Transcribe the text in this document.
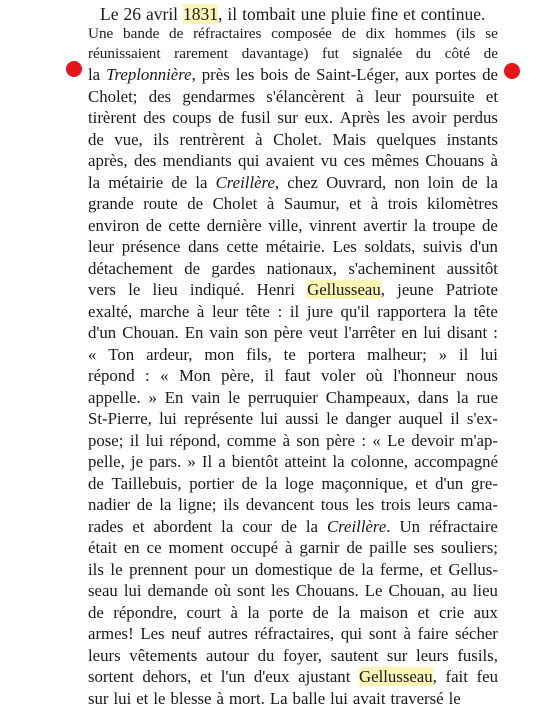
Le 26 avril 1831, il tombait une pluie fine et continue.
Une bande de réfractaires composée de dix hommes (ils se
réunissaient rarement davantage) fut signalée du côté de
la Treplonnière, près les bois de Saint-Léger, aux portes de
Cholet; des gendarmes s'élancèrent à leur poursuite et
tirèrent des coups de fusil sur eux. Après les avoir perdus
de vue, ils rentrèrent à Cholet. Mais quelques instants
après, des mendiants qui avaient vu ces mêmes Chouans à
la métairie de la Creillère, chez Ouvrard, non loin de la
grande route de Cholet à Saumur, et à trois kilomètres
environ de cette dernière ville, vinrent avertir la troupe de
leur présence dans cette métairie. Les soldats, suivis d'un
détachement de gardes nationaux, s'acheminent aussitôt
vers le lieu indiqué. Henri Gellusseau, jeune Patriote
exalté, marche à leur tête : il jure qu'il rapportera la tête
d'un Chouan. En vain son père veut l'arrêter en lui disant :
« Ton ardeur, mon fils, te portera malheur; » il lui
répond : « Mon père, il faut voler où l'honneur nous
appelle. » En vain le perruquier Champeaux, dans la rue
St-Pierre, lui représente lui aussi le danger auquel il s'ex-
pose; il lui répond, comme à son père : « Le devoir m'ap-
pelle, je pars. » Il a bientôt atteint la colonne, accompagné
de Taillebuis, portier de la loge maçonnique, et d'un gre-
nadier de la ligne; ils devancent tous les trois leurs cama-
rades et abordent la cour de la Creillère. Un réfractaire
était en ce moment occupé à garnir de paille ses souliers;
ils le prennent pour un domestique de la ferme, et Gellus-
seau lui demande où sont les Chouans. Le Chouan, au lieu
de répondre, court à la porte de la maison et crie aux
armes! Les neuf autres réfractaires, qui sont à faire sécher
leurs vêtements autour du foyer, sautent sur leurs fusils,
sortent dehors, et l'un d'eux ajustant Gellusseau, fait feu
sur lui et le blesse à mort. La balle lui avait traversé le
